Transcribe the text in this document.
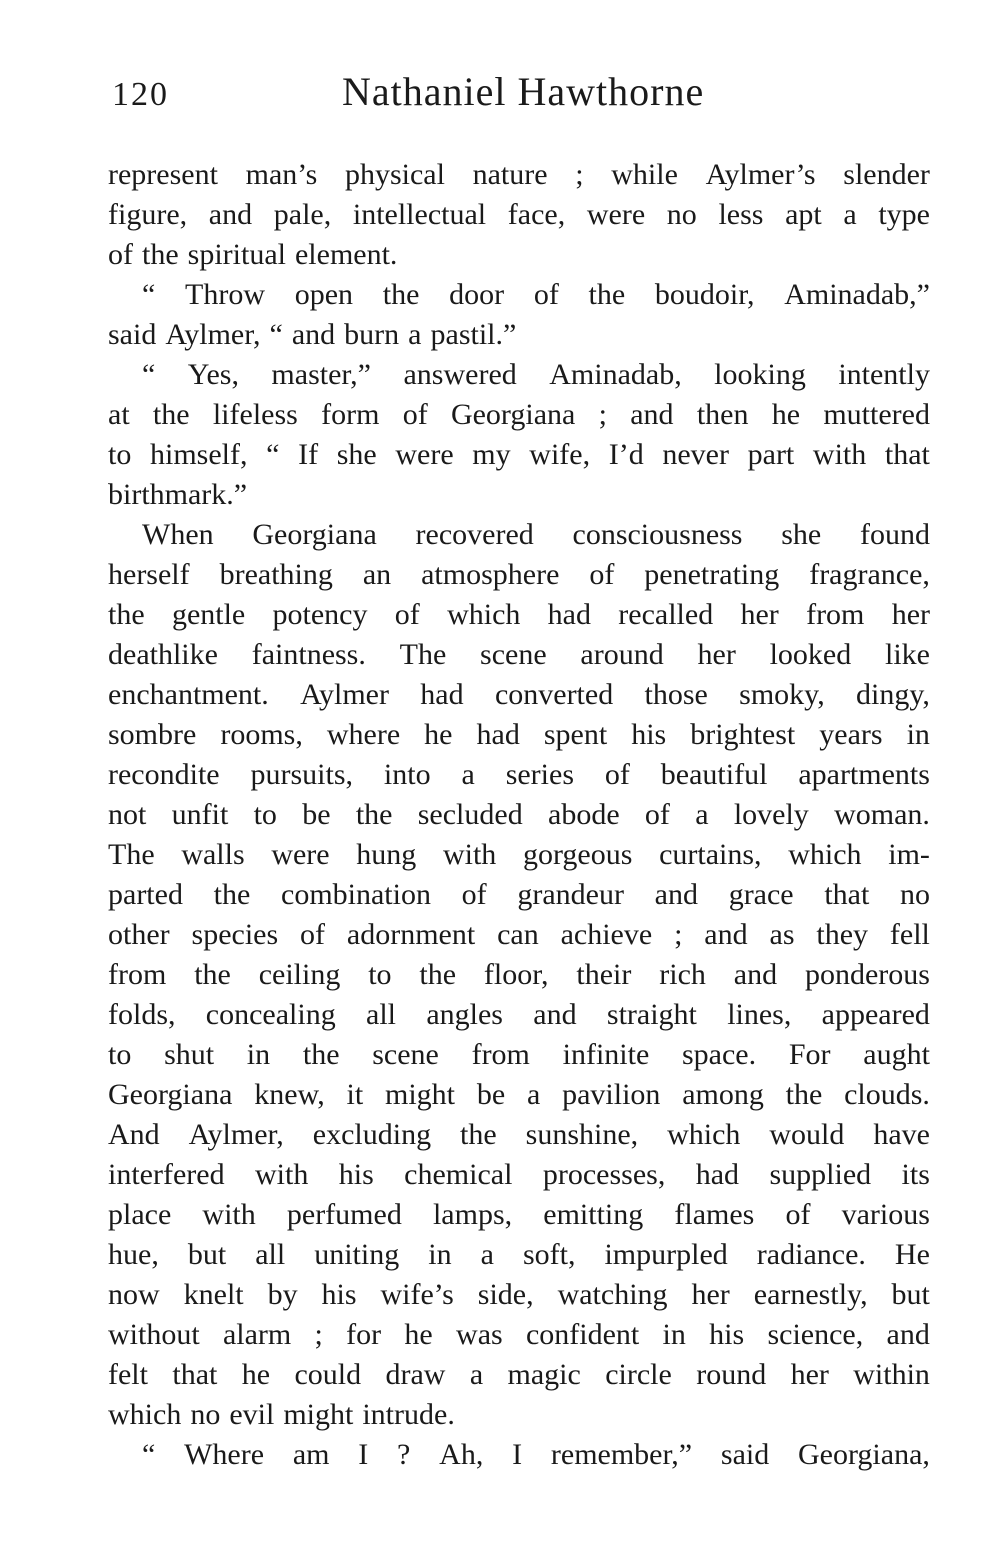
120	Nathaniel Hawthorne
represent man’s physical nature ; while Aylmer’s slender
figure, and pale, intellectual face, were no less apt a type
of the spiritual element.
“ Throw open the door of the boudoir, Aminadab,”
said Aylmer, “ and burn a pastil.”
“ Yes, master,” answered Aminadab, looking intently
at the lifeless form of Georgiana ; and then he muttered
to himself, “ If she were my wife, I’d never part with that
birthmark.”
When Georgiana recovered consciousness she found
herself breathing an atmosphere of penetrating fragrance,
the gentle potency of which had recalled her from her
deathlike faintness. The scene around her looked like
enchantment. Aylmer had converted those smoky, dingy,
sombre rooms, where he had spent his brightest years in
recondite pursuits, into a series of beautiful apartments
not unfit to be the secluded abode of a lovely woman.
The walls were hung with gorgeous curtains, which im-
parted the combination of grandeur and grace that no
other species of adornment can achieve ; and as they fell
from the ceiling to the floor, their rich and ponderous
folds, concealing all angles and straight lines, appeared
to shut in the scene from infinite space. For aught
Georgiana knew, it might be a pavilion among the clouds.
And Aylmer, excluding the sunshine, which would have
interfered with his chemical processes, had supplied its
place with perfumed lamps, emitting flames of various
hue, but all uniting in a soft, impurpled radiance. He
now knelt by his wife’s side, watching her earnestly, but
without alarm ; for he was confident in his science, and
felt that he could draw a magic circle round her within
which no evil might intrude.
“ Where am I ? Ah, I remember,” said Georgiana,
